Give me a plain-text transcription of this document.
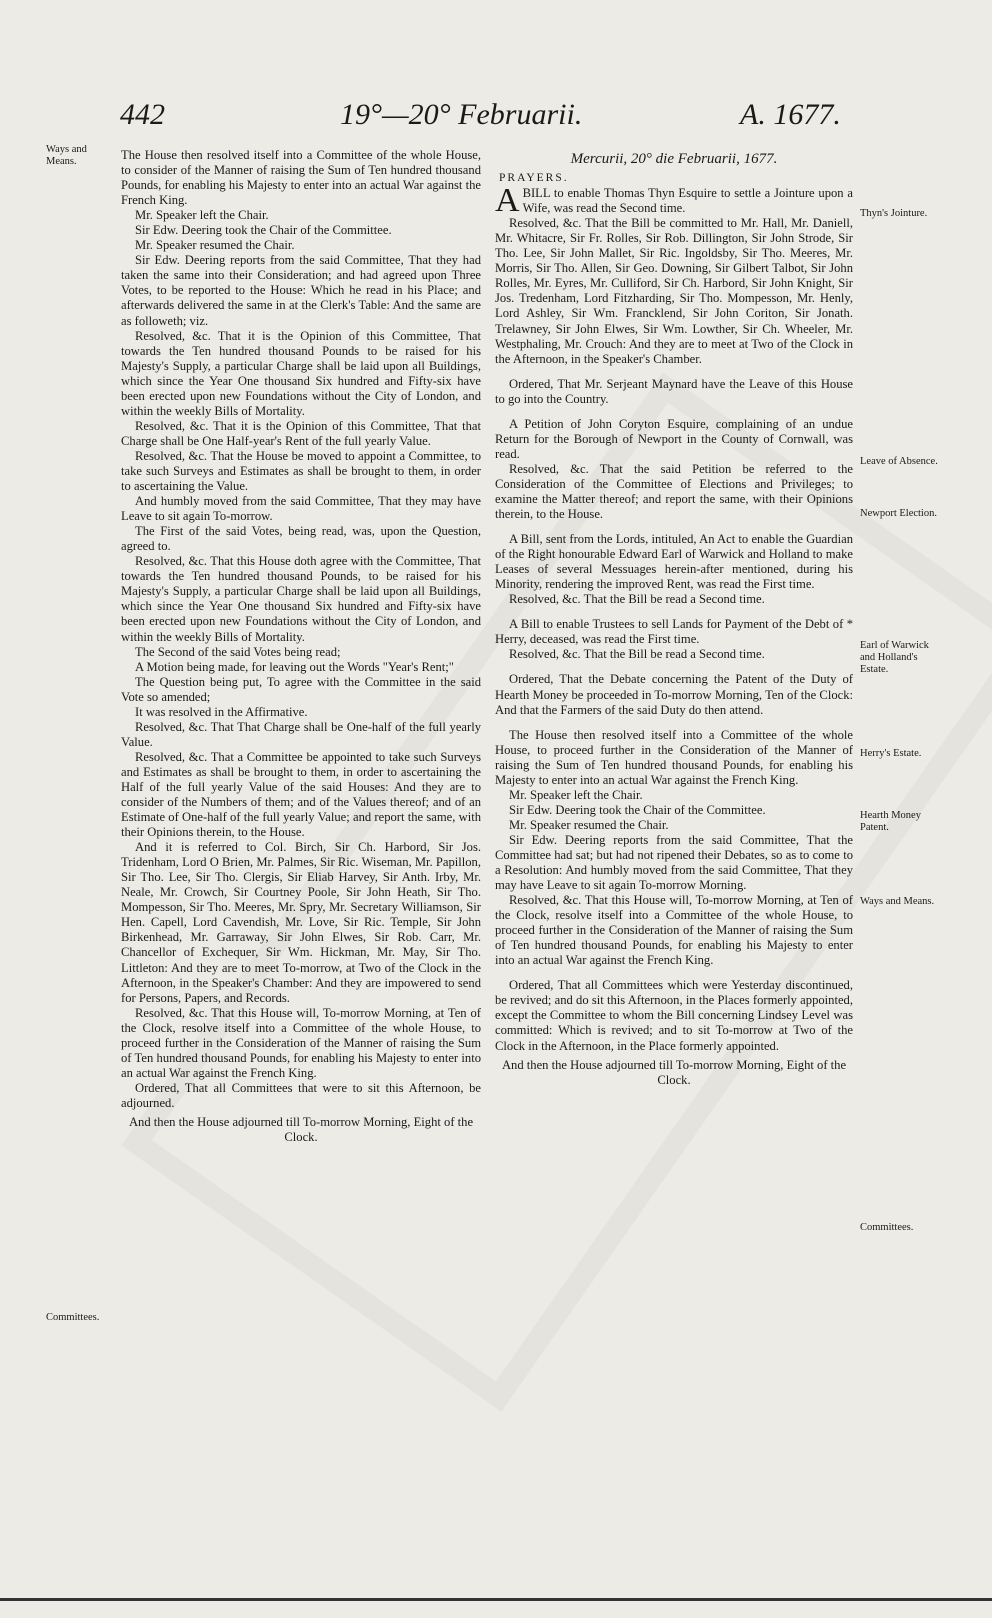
442	19°—20° Februarii.	A. 1677.
Ways and Means.
Committees.

The House then resolved itself into a Committee of the whole House, to consider of the Manner of raising the Sum of Ten hundred thousand Pounds, for enabling his Majesty to enter into an actual War against the French King.

Mr. Speaker left the Chair.

Sir Edw. Deering took the Chair of the Committee.

Mr. Speaker resumed the Chair.

Sir Edw. Deering reports from the said Committee, That they had taken the same into their Consideration; and had agreed upon Three Votes, to be reported to the House: Which he read in his Place; and afterwards delivered the same in at the Clerk's Table: And the same are as followeth; viz.

Resolved, &c. That it is the Opinion of this Committee, That towards the Ten hundred thousand Pounds to be raised for his Majesty's Supply, a particular Charge shall be laid upon all Buildings, which since the Year One thousand Six hundred and Fifty-six have been erected upon new Foundations without the City of London, and within the weekly Bills of Mortality.

Resolved, &c. That it is the Opinion of this Committee, That that Charge shall be One Half-year's Rent of the full yearly Value.

Resolved, &c. That the House be moved to appoint a Committee, to take such Surveys and Estimates as shall be brought to them, in order to ascertaining the Value.

And humbly moved from the said Committee, That they may have Leave to sit again To-morrow.

The First of the said Votes, being read, was, upon the Question, agreed to.

Resolved, &c. That this House doth agree with the Committee, That towards the Ten hundred thousand Pounds, to be raised for his Majesty's Supply, a particular Charge shall be laid upon all Buildings, which since the Year One thousand Six hundred and Fifty-six have been erected upon new Foundations without the City of London, and within the weekly Bills of Mortality.

The Second of the said Votes being read;

A Motion being made, for leaving out the Words "Year's Rent;"

The Question being put, To agree with the Committee in the said Vote so amended;

It was resolved in the Affirmative.

Resolved, &c. That That Charge shall be One-half of the full yearly Value.

Resolved, &c. That a Committee be appointed to take such Surveys and Estimates as shall be brought to them, in order to ascertaining the Half of the full yearly Value of the said Houses: And they are to consider of the Numbers of them; and of the Values thereof; and of an Estimate of One-half of the full yearly Value; and report the same, with their Opinions therein, to the House.

And it is referred to Col. Birch, Sir Ch. Harbord, Sir Jos. Tridenham, Lord O Brien, Mr. Palmes, Sir Ric. Wiseman, Mr. Papillon, Sir Tho. Lee, Sir Tho. Clergis, Sir Eliab Harvey, Sir Anth. Irby, Mr. Neale, Mr. Crowch, Sir Courtney Poole, Sir John Heath, Sir Tho. Mompesson, Sir Tho. Meeres, Mr. Spry, Mr. Secretary Williamson, Sir Hen. Capell, Lord Cavendish, Mr. Love, Sir Ric. Temple, Sir John Birkenhead, Mr. Garraway, Sir John Elwes, Sir Rob. Carr, Mr. Chancellor of Exchequer, Sir Wm. Hickman, Mr. May, Sir Tho. Littleton: And they are to meet To-morrow, at Two of the Clock in the Afternoon, in the Speaker's Chamber: And they are impowered to send for Persons, Papers, and Records.

Resolved, &c. That this House will, To-morrow Morning, at Ten of the Clock, resolve itself into a Committee of the whole House, to proceed further in the Consideration of the Manner of raising the Sum of Ten hundred thousand Pounds, for enabling his Majesty to enter into an actual War against the French King.

Ordered, That all Committees that were to sit this Afternoon, be adjourned.

And then the House adjourned till To-morrow Morning, Eight of the Clock.

Thyn's Jointure.
Leave of Absence.
Newport Election.
Earl of Warwick and Holland's Estate.
Herry's Estate.
Hearth Money Patent.
Ways and Means.
Committees.
Mercurii, 20° die Februarii, 1677.

PRAYERS.

ABILL to enable Thomas Thyn Esquire to settle a Jointure upon a Wife, was read the Second time.

Resolved, &c. That the Bill be committed to Mr. Hall, Mr. Daniell, Mr. Whitacre, Sir Fr. Rolles, Sir Rob. Dillington, Sir John Strode, Sir Tho. Lee, Sir John Mallet, Sir Ric. Ingoldsby, Sir Tho. Meeres, Mr. Morris, Sir Tho. Allen, Sir Geo. Downing, Sir Gilbert Talbot, Sir John Rolles, Mr. Eyres, Mr. Culliford, Sir Ch. Harbord, Sir John Knight, Sir Jos. Tredenham, Lord Fitzharding, Sir Tho. Mompesson, Mr. Henly, Lord Ashley, Sir Wm. Francklend, Sir John Coriton, Sir Jonath. Trelawney, Sir John Elwes, Sir Wm. Lowther, Sir Ch. Wheeler, Mr. Westphaling, Mr. Crouch: And they are to meet at Two of the Clock in the Afternoon, in the Speaker's Chamber.

Ordered, That Mr. Serjeant Maynard have the Leave of this House to go into the Country.

A Petition of John Coryton Esquire, complaining of an undue Return for the Borough of Newport in the County of Cornwall, was read.

Resolved, &c. That the said Petition be referred to the Consideration of the Committee of Elections and Privileges; to examine the Matter thereof; and report the same, with their Opinions therein, to the House.

A Bill, sent from the Lords, intituled, An Act to enable the Guardian of the Right honourable Edward Earl of Warwick and Holland to make Leases of several Messuages herein-after mentioned, during his Minority, rendering the improved Rent, was read the First time.

Resolved, &c. That the Bill be read a Second time.

A Bill to enable Trustees to sell Lands for Payment of the Debt of * Herry, deceased, was read the First time.

Resolved, &c. That the Bill be read a Second time.

Ordered, That the Debate concerning the Patent of the Duty of Hearth Money be proceeded in To-morrow Morning, Ten of the Clock: And that the Farmers of the said Duty do then attend.

The House then resolved itself into a Committee of the whole House, to proceed further in the Consideration of the Manner of raising the Sum of Ten hundred thousand Pounds, for enabling his Majesty to enter into an actual War against the French King.

Mr. Speaker left the Chair.

Sir Edw. Deering took the Chair of the Committee.

Mr. Speaker resumed the Chair.

Sir Edw. Deering reports from the said Committee, That the Committee had sat; but had not ripened their Debates, so as to come to a Resolution: And humbly moved from the said Committee, That they may have Leave to sit again To-morrow Morning.

Resolved, &c. That this House will, To-morrow Morning, at Ten of the Clock, resolve itself into a Committee of the whole House, to proceed further in the Consideration of the Manner of raising the Sum of Ten hundred thousand Pounds, for enabling his Majesty to enter into an actual War against the French King.

Ordered, That all Committees which were Yesterday discontinued, be revived; and do sit this Afternoon, in the Places formerly appointed, except the Committee to whom the Bill concerning Lindsey Level was committed: Which is revived; and to sit To-morrow at Two of the Clock in the Afternoon, in the Place formerly appointed.

And then the House adjourned till To-morrow Morning, Eight of the Clock.
